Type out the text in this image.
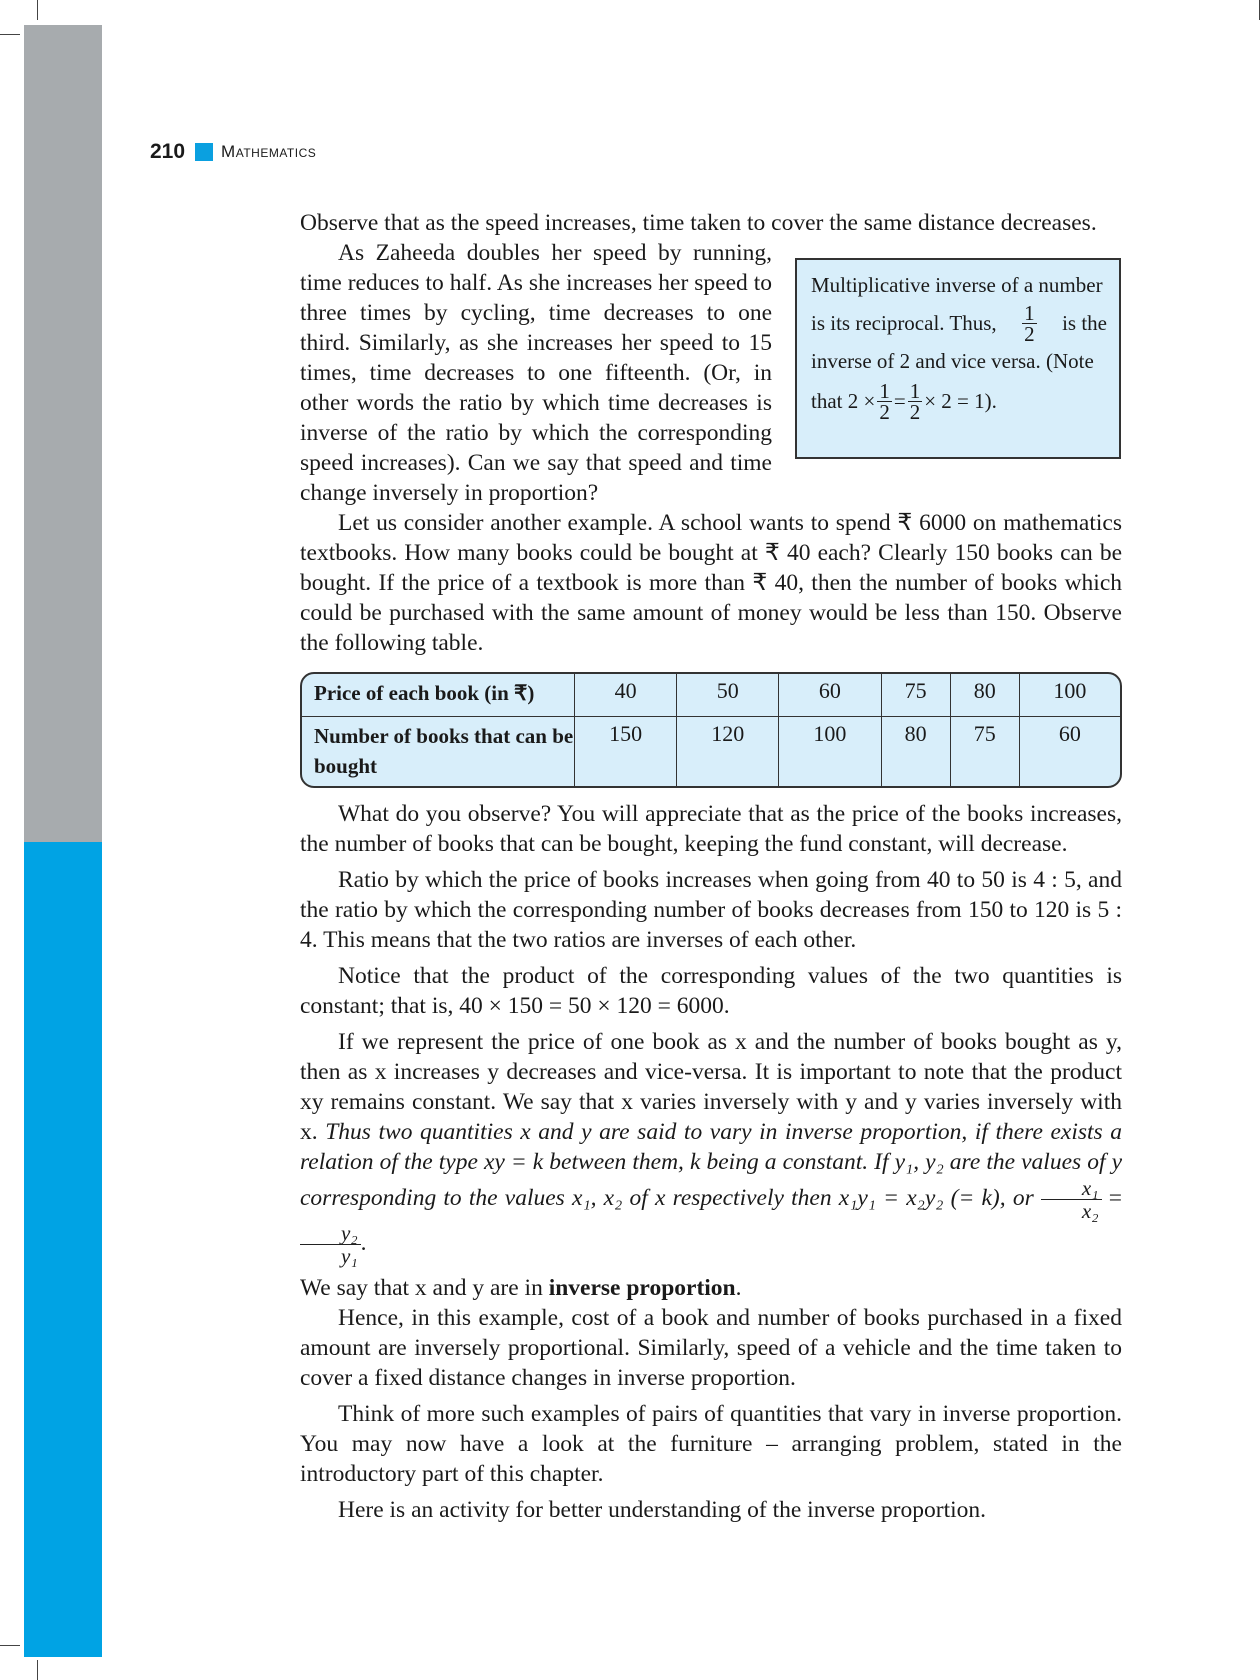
210 Mathematics

Observe that as the speed increases, time taken to cover the same distance decreases.

As Zaheeda doubles her speed by running, time reduces to half. As she increases her speed to three times by cycling, time decreases to one third. Similarly, as she increases her speed to 15 times, time decreases to one fifteenth. (Or, in other words the ratio by which time decreases is inverse of the ratio by which the corresponding speed increases). Can we say that speed and time change inversely in proportion?

Multiplicative inverse of a number
is its reciprocal. Thus, $\frac{1}{2}$ is the
inverse of 2 and vice versa. (Note
that $2 \times \frac{1}{2} = \frac{1}{2} \times 2 = 1$).

Let us consider another example. A school wants to spend ₹ 6000 on mathematics textbooks. How many books could be bought at ₹ 40 each? Clearly 150 books can be bought. If the price of a textbook is more than ₹ 40, then the number of books which could be purchased with the same amount of money would be less than 150. Observe the following table.

Price of each book (in ₹)	40	50	60	75	80	100
Number of books that can be bought	150	120	100	80	75	60

What do you observe? You will appreciate that as the price of the books increases, the number of books that can be bought, keeping the fund constant, will decrease.

Ratio by which the price of books increases when going from 40 to 50 is 4 : 5, and the ratio by which the corresponding number of books decreases from 150 to 120 is 5 : 4. This means that the two ratios are inverses of each other.

Notice that the product of the corresponding values of the two quantities is constant; that is, 40 × 150 = 50 × 120 = 6000.

If we represent the price of one book as x and the number of books bought as y, then as x increases y decreases and vice-versa. It is important to note that the product xy remains constant. We say that x varies inversely with y and y varies inversely with x. Thus two quantities x and y are said to vary in inverse proportion, if there exists a relation of the type xy = k between them, k being a constant. If y₁, y₂ are the values of y corresponding to the values x₁, x₂ of x respectively then x₁y₁ = x₂y₂ (= k), or $\frac{\text{x₁}}{\text{x₂}}$ =
$\frac{\text{y₂}}{\text{y₁}}$ .

We say that x and y are in inverse proportion.

Hence, in this example, cost of a book and number of books purchased in a fixed amount are inversely proportional. Similarly, speed of a vehicle and the time taken to cover a fixed distance changes in inverse proportion.

Think of more such examples of pairs of quantities that vary in inverse proportion. You may now have a look at the furniture – arranging problem, stated in the introductory part of this chapter.

Here is an activity for better understanding of the inverse proportion.
